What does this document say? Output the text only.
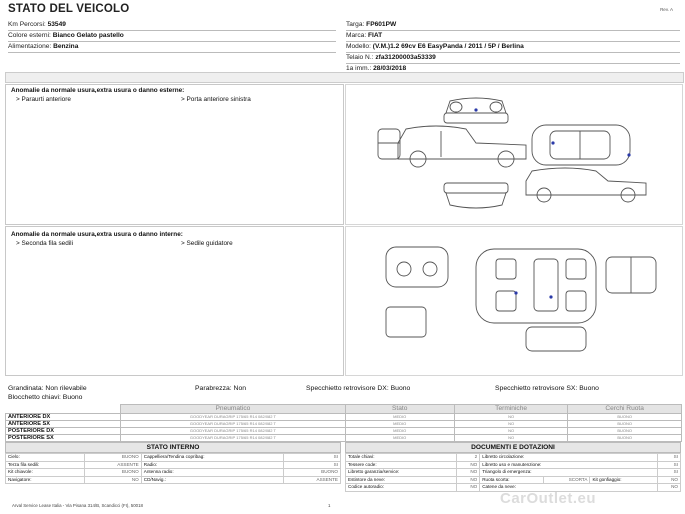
STATO DEL VEICOLO	Rev. A
Km Percorsi: 53549
Colore esterni: Bianco Gelato pastello
Alimentazione: Benzina
Targa: FP601PW
Marca: FIAT
Modello: (V.M.)1.2 69cv E6 EasyPanda / 2011 / 5P / Berlina
Telaio N.: zfa31200003a53339
1a imm.: 28/03/2018
Anomalie da normale usura,extra usura o danno esterne:
> Paraurti anteriore	> Porta anteriore sinistra
Anomalie da normale usura,extra usura o danno interne:
> Seconda fila sedili	> Sedile guidatore
Grandinata: Non rilevabile	Parabrezza: Non	Specchietto retrovisore DX: Buono	Specchietto retrovisore SX: Buono
Blocchetto chiavi: Buono
	Pneumatico	Stato	Terminiche	Cerchi Ruota
ANTERIORE DX	GOODYEAR DURAGRIP 175/65 R14 082/082 T	MEDIO	NO	BUONO
ANTERIORE SX	GOODYEAR DURAGRIP 175/65 R14 082/082 T	MEDIO	NO	BUONO
POSTERIORE DX	GOODYEAR DURAGRIP 175/65 R14 082/082 T	MEDIO	NO	BUONO
POSTERIORE SX	GOODYEAR DURAGRIP 175/65 R14 082/082 T	MEDIO	NO	BUONO
STATO INTERNO
Cielo:	BUONO	Cappelliera/Tendina copribag:	SI
Terza fila sedili:	ASSENTE	Radio:	SI
Kit chiavole:	BUONO	Antenna radio:	BUONO
Navigatore:	NO	CD/Navig.:	ASSENTE
DOCUMENTI E DOTAZIONI
Totale chiavi:	2	Libretto circolazione:			SI
Tessere code:	NO	Libretto uso e manutenzione:			SI
Libretto garanzia/service:	NO	Triangolo di emergenza:			SI
Estintore da neve:	NO	Ruota scorta:	SCORTA	Kit gonfiaggio:	NO
Codice autoradio:	NO	Catene da neve:			NO
Arval Service Lease Italia - Via Pisana 314/B, Scandicci (FI), 50018	1	CarOutlet.eu
